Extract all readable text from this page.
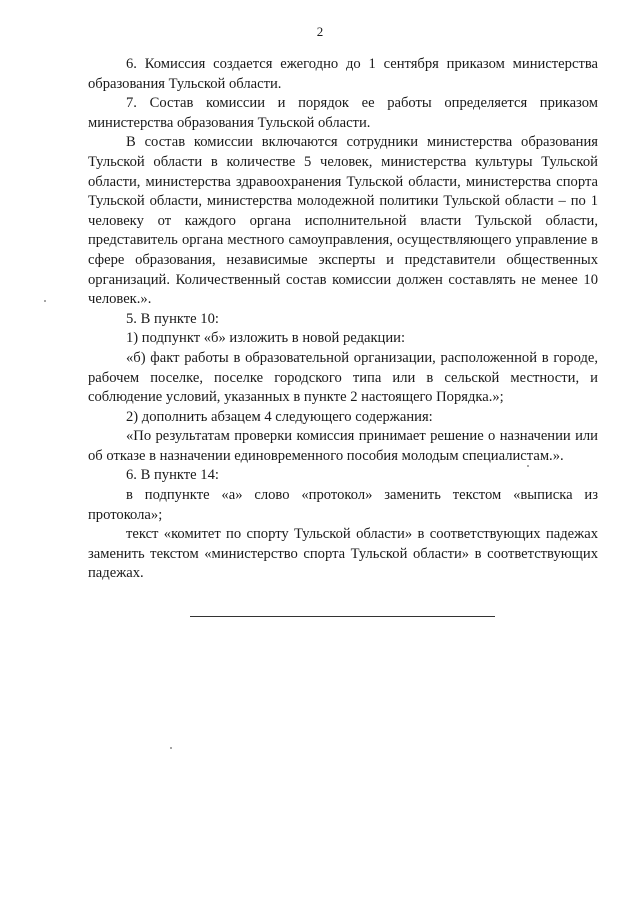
2

6. Комиссия создается ежегодно до 1 сентября приказом министерства образования Тульской области.

7. Состав комиссии и порядок ее работы определяется приказом министерства образования Тульской области.

В состав комиссии включаются сотрудники министерства образования Тульской области в количестве 5 человек, министерства культуры Тульской области, министерства здравоохранения Тульской области, министерства спорта Тульской области, министерства молодежной политики Тульской области – по 1 человеку от каждого органа исполнительной власти Тульской области, представитель органа местного самоуправления, осуществляющего управление в сфере образования, независимые эксперты и представители общественных организаций. Количественный состав комиссии должен составлять не менее 10 человек.».

5. В пункте 10:

1) подпункт «б» изложить в новой редакции:

«б) факт работы в образовательной организации, расположенной в городе, рабочем поселке, поселке городского типа или в сельской местности, и соблюдение условий, указанных в пункте 2 настоящего Порядка.»;

2) дополнить абзацем 4 следующего содержания:

«По результатам проверки комиссия принимает решение о назначении или об отказе в назначении единовременного пособия молодым специалистам.».

6. В пункте 14:

в подпункте «а» слово «протокол» заменить текстом «выписка из протокола»;

текст «комитет по спорту Тульской области» в соответствующих падежах заменить текстом «министерство спорта Тульской области» в соответствующих падежах.
